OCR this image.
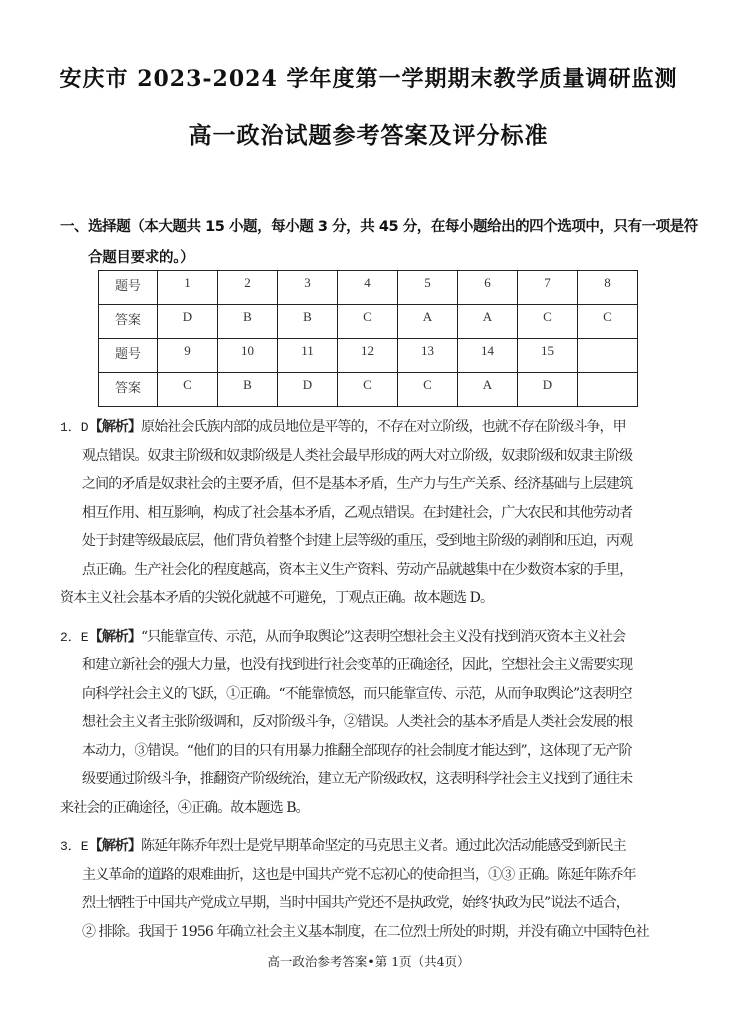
安庆市 2023-2024 学年度第一学期期末教学质量调研监测
高一政治试题参考答案及评分标准
一、选择题（本大题共 15 小题，每小题 3 分，共 45 分，在每小题给出的四个选项中，只有一项是符
合题目要求的。）
题号	1	2	3	4	5	6	7	8
答案	D	B	B	C	A	A	C	C
题号	9	10	11	12	13	14	15	
答案	C	B	D	C	C	A	D	

1．D【解析】原始社会氏族内部的成员地位是平等的，不存在对立阶级，也就不存在阶级斗争，甲

观点错误。奴隶主阶级和奴隶阶级是人类社会最早形成的两大对立阶级，奴隶阶级和奴隶主阶级

之间的矛盾是奴隶社会的主要矛盾，但不是基本矛盾，生产力与生产关系、经济基础与上层建筑

相互作用、相互影响，构成了社会基本矛盾，乙观点错误。在封建社会，广大农民和其他劳动者

处于封建等级最底层，他们背负着整个封建上层等级的重压，受到地主阶级的剥削和压迫，丙观

点正确。生产社会化的程度越高，资本主义生产资料、劳动产品就越集中在少数资本家的手里，

资本主义社会基本矛盾的尖锐化就越不可避免，丁观点正确。故本题选 D。

2．E【解析】“只能靠宣传、示范，从而争取舆论”这表明空想社会主义没有找到消灭资本主义社会

和建立新社会的强大力量，也没有找到进行社会变革的正确途径，因此，空想社会主义需要实现

向科学社会主义的飞跃，①正确。“不能靠愤怒，而只能靠宣传、示范，从而争取舆论”这表明空

想社会主义者主张阶级调和，反对阶级斗争，②错误。人类社会的基本矛盾是人类社会发展的根

本动力，③错误。“他们的目的只有用暴力推翻全部现存的社会制度才能达到”，这体现了无产阶

级要通过阶级斗争，推翻资产阶级统治，建立无产阶级政权，这表明科学社会主义找到了通往未

来社会的正确途径，④正确。故本题选 B。

3．E【解析】陈延年陈乔年烈士是党早期革命坚定的马克思主义者。通过此次活动能感受到新民主

主义革命的道路的艰难曲折，这也是中国共产党不忘初心的使命担当，①③ 正确。陈延年陈乔年

烈士牺牲于中国共产党成立早期，当时中国共产党还不是执政党，始终‘执政为民”说法不适合，

② 排除。我国于 1956 年确立社会主义基本制度，在二位烈士所处的时期，并没有确立中国特色社

高一政治参考答案•第 1页（共4页）
